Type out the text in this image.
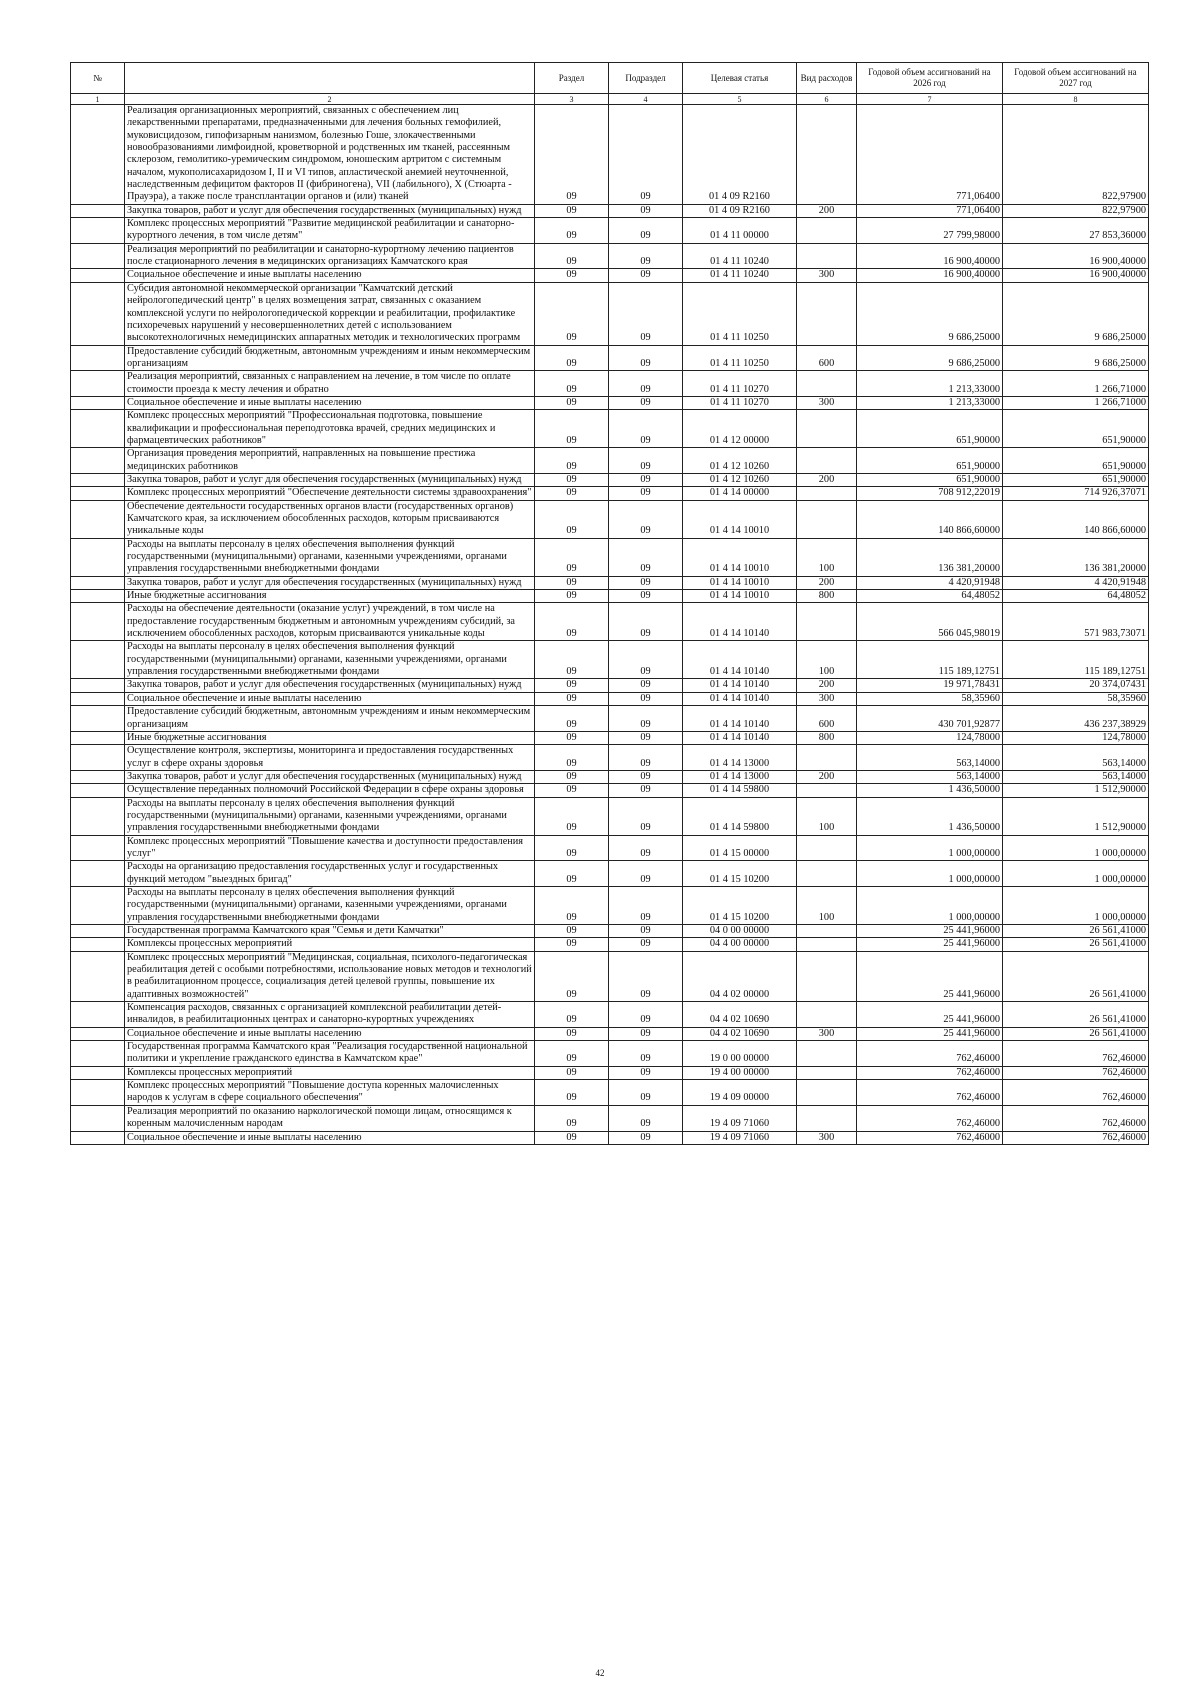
№		Раздел	Подраздел	Целевая статья	Вид расходов	Годовой объем ассигнований на 2026 год	Годовой объем ассигнований на 2027 год
1	2	3	4	5	6	7	8
	Реализация организационных мероприятий, связанных с обеспечением лиц лекарственными препаратами, предназначенными для лечения больных гемофилией, муковисцидозом, гипофизарным нанизмом, болезнью Гоше, злокачественными новообразованиями лимфоидной, кроветворной и родственных им тканей, рассеянным склерозом, гемолитико-уремическим синдромом, юношеским артритом с системным началом, мукополисахаридозом I, II и VI типов, апластической анемией неуточненной, наследственным дефицитом факторов II (фибриногена), VII (лабильного), X (Стюарта - Прауэра), а также после трансплантации органов и (или) тканей	09	09	01 4 09 R2160		771,06400	822,97900
	Закупка товаров, работ и услуг для обеспечения государственных (муниципальных) нужд	09	09	01 4 09 R2160	200	771,06400	822,97900
	Комплекс процессных мероприятий "Развитие медицинской реабилитации и санаторно-курортного лечения, в том числе детям"	09	09	01 4 11 00000		27 799,98000	27 853,36000
	Реализация мероприятий по реабилитации и санаторно-курортному лечению пациентов после стационарного лечения в медицинских организациях Камчатского края	09	09	01 4 11 10240		16 900,40000	16 900,40000
	Социальное обеспечение и иные выплаты населению	09	09	01 4 11 10240	300	16 900,40000	16 900,40000
	Субсидия автономной некоммерческой организации "Камчатский детский нейрологопедический центр" в целях возмещения затрат, связанных с оказанием комплексной услуги по нейрологопедической коррекции и реабилитации, профилактике психоречевых нарушений у несовершеннолетних детей с использованием высокотехнологичных немедицинских аппаратных методик и технологических программ	09	09	01 4 11 10250		9 686,25000	9 686,25000
	Предоставление субсидий бюджетным, автономным учреждениям и иным некоммерческим организациям	09	09	01 4 11 10250	600	9 686,25000	9 686,25000
	Реализация мероприятий, связанных с направлением на лечение, в том числе по оплате стоимости проезда к месту лечения и обратно	09	09	01 4 11 10270		1 213,33000	1 266,71000
	Социальное обеспечение и иные выплаты населению	09	09	01 4 11 10270	300	1 213,33000	1 266,71000
	Комплекс процессных мероприятий "Профессиональная подготовка, повышение квалификации и профессиональная переподготовка врачей, средних медицинских и фармацевтических работников"	09	09	01 4 12 00000		651,90000	651,90000
	Организация проведения мероприятий, направленных на повышение престижа медицинских работников	09	09	01 4 12 10260		651,90000	651,90000
	Закупка товаров, работ и услуг для обеспечения государственных (муниципальных) нужд	09	09	01 4 12 10260	200	651,90000	651,90000
	Комплекс процессных мероприятий "Обеспечение деятельности системы здравоохранения"	09	09	01 4 14 00000		708 912,22019	714 926,37071
	Обеспечение деятельности государственных органов власти (государственных органов) Камчатского края, за исключением обособленных расходов, которым присваиваются уникальные коды	09	09	01 4 14 10010		140 866,60000	140 866,60000
	Расходы на выплаты персоналу в целях обеспечения выполнения функций государственными (муниципальными) органами, казенными учреждениями, органами управления государственными внебюджетными фондами	09	09	01 4 14 10010	100	136 381,20000	136 381,20000
	Закупка товаров, работ и услуг для обеспечения государственных (муниципальных) нужд	09	09	01 4 14 10010	200	4 420,91948	4 420,91948
	Иные бюджетные ассигнования	09	09	01 4 14 10010	800	64,48052	64,48052
	Расходы на обеспечение деятельности (оказание услуг) учреждений, в том числе на предоставление государственным бюджетным и автономным учреждениям субсидий, за исключением обособленных расходов, которым присваиваются уникальные коды	09	09	01 4 14 10140		566 045,98019	571 983,73071
	Расходы на выплаты персоналу в целях обеспечения выполнения функций государственными (муниципальными) органами, казенными учреждениями, органами управления государственными внебюджетными фондами	09	09	01 4 14 10140	100	115 189,12751	115 189,12751
	Закупка товаров, работ и услуг для обеспечения государственных (муниципальных) нужд	09	09	01 4 14 10140	200	19 971,78431	20 374,07431
	Социальное обеспечение и иные выплаты населению	09	09	01 4 14 10140	300	58,35960	58,35960
	Предоставление субсидий бюджетным, автономным учреждениям и иным некоммерческим организациям	09	09	01 4 14 10140	600	430 701,92877	436 237,38929
	Иные бюджетные ассигнования	09	09	01 4 14 10140	800	124,78000	124,78000
	Осуществление контроля, экспертизы, мониторинга и предоставления государственных услуг в сфере охраны здоровья	09	09	01 4 14 13000		563,14000	563,14000
	Закупка товаров, работ и услуг для обеспечения государственных (муниципальных) нужд	09	09	01 4 14 13000	200	563,14000	563,14000
	Осуществление переданных полномочий Российской Федерации в сфере охраны здоровья	09	09	01 4 14 59800		1 436,50000	1 512,90000
	Расходы на выплаты персоналу в целях обеспечения выполнения функций государственными (муниципальными) органами, казенными учреждениями, органами управления государственными внебюджетными фондами	09	09	01 4 14 59800	100	1 436,50000	1 512,90000
	Комплекс процессных мероприятий "Повышение качества и доступности предоставления услуг"	09	09	01 4 15 00000		1 000,00000	1 000,00000
	Расходы на организацию предоставления государственных услуг и государственных функций методом "выездных бригад"	09	09	01 4 15 10200		1 000,00000	1 000,00000
	Расходы на выплаты персоналу в целях обеспечения выполнения функций государственными (муниципальными) органами, казенными учреждениями, органами управления государственными внебюджетными фондами	09	09	01 4 15 10200	100	1 000,00000	1 000,00000
	Государственная программа Камчатского края "Семья и дети Камчатки"	09	09	04 0 00 00000		25 441,96000	26 561,41000
	Комплексы процессных мероприятий	09	09	04 4 00 00000		25 441,96000	26 561,41000
	Комплекс процессных мероприятий "Медицинская, социальная, психолого-педагогическая реабилитация детей с особыми потребностями, использование новых методов и технологий в реабилитационном процессе, социализация детей целевой группы, повышение их адаптивных возможностей"	09	09	04 4 02 00000		25 441,96000	26 561,41000
	Компенсация расходов, связанных с организацией комплексной реабилитации детей-инвалидов, в реабилитационных центрах и санаторно-курортных учреждениях	09	09	04 4 02 10690		25 441,96000	26 561,41000
	Социальное обеспечение и иные выплаты населению	09	09	04 4 02 10690	300	25 441,96000	26 561,41000
	Государственная программа Камчатского края "Реализация государственной национальной политики и укрепление гражданского единства в Камчатском крае"	09	09	19 0 00 00000		762,46000	762,46000
	Комплексы процессных мероприятий	09	09	19 4 00 00000		762,46000	762,46000
	Комплекс процессных мероприятий "Повышение доступа коренных малочисленных народов к услугам в сфере социального обеспечения"	09	09	19 4 09 00000		762,46000	762,46000
	Реализация мероприятий по оказанию наркологической помощи лицам, относящимся к коренным малочисленным народам	09	09	19 4 09 71060		762,46000	762,46000
	Социальное обеспечение и иные выплаты населению	09	09	19 4 09 71060	300	762,46000	762,46000
42
